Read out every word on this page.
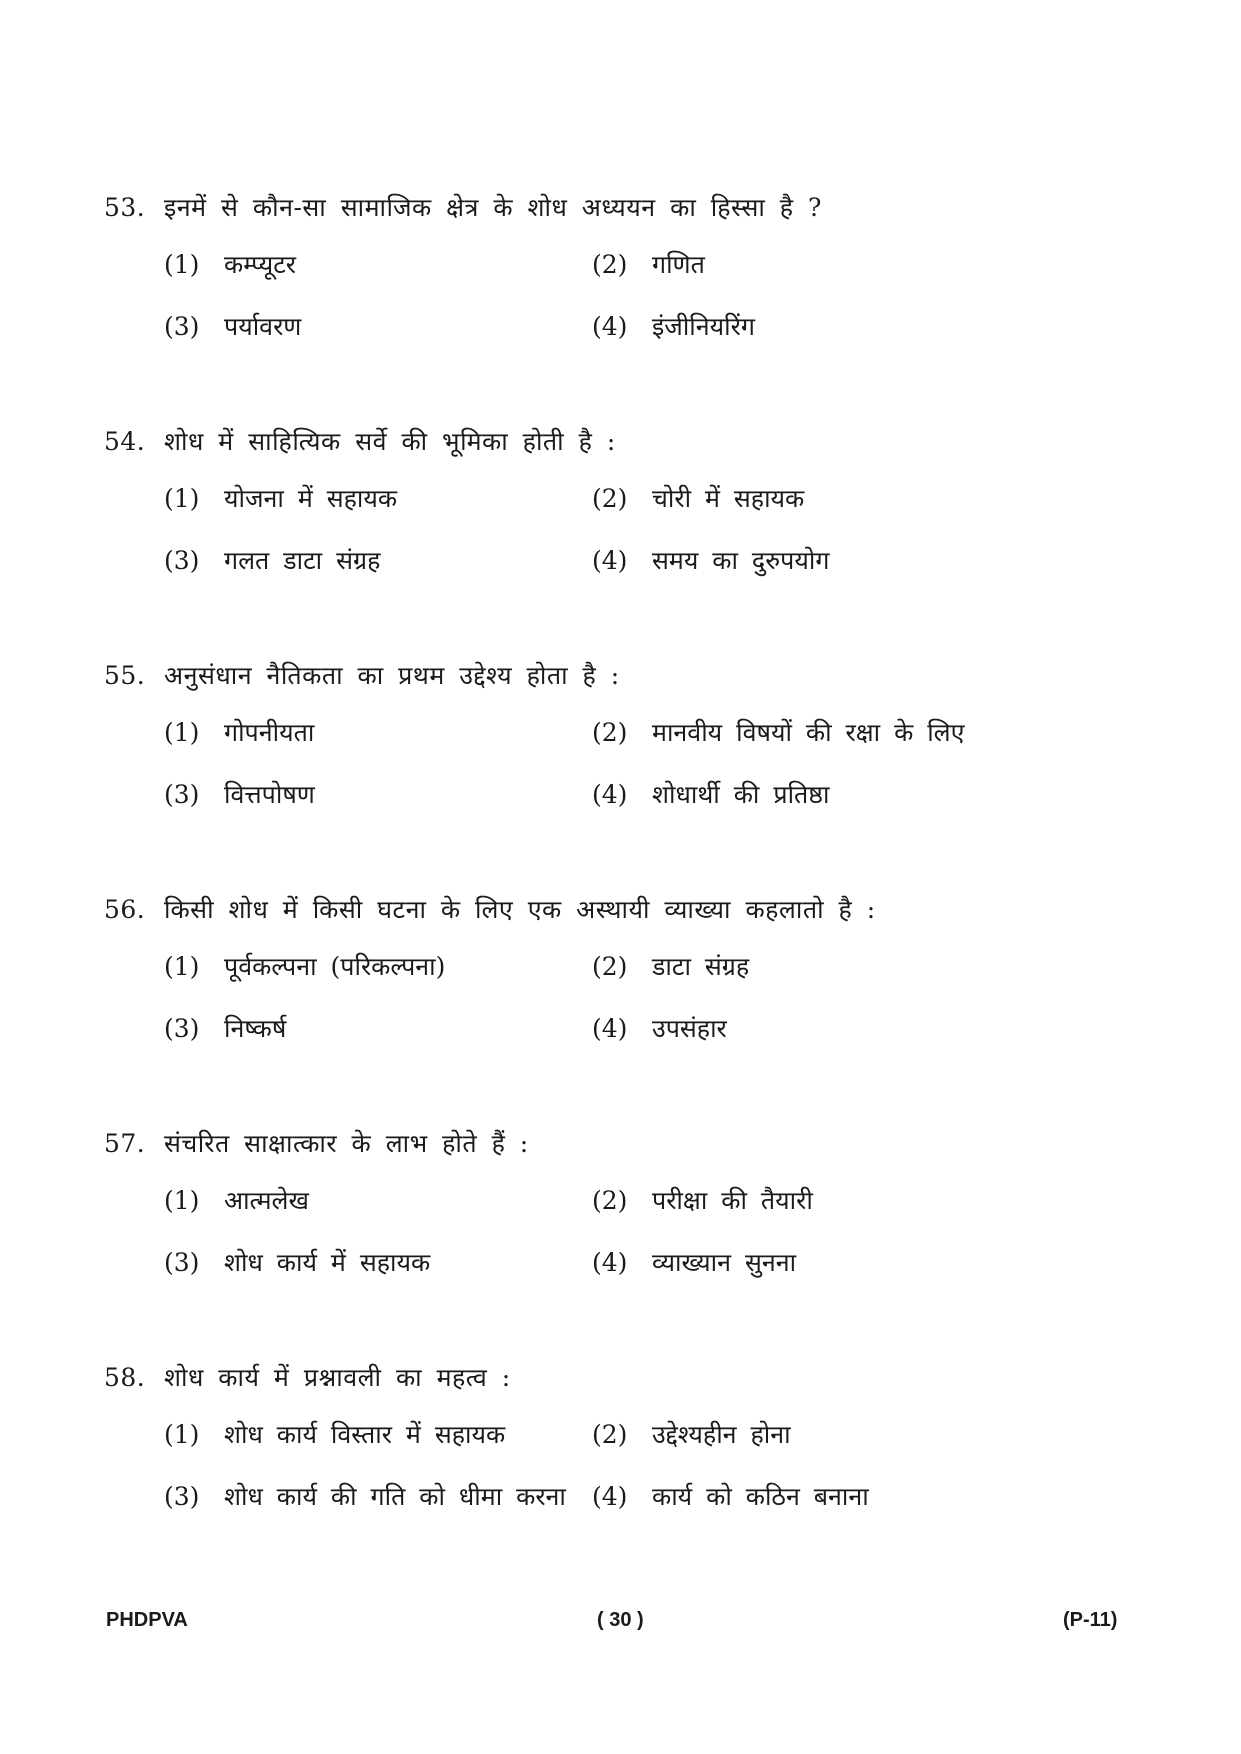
53. इनमें से कौन-सा सामाजिक क्षेत्र के शोध अध्ययन का हिस्सा है ?
(1) कम्प्यूटर	(2) गणित
(3) पर्यावरण	(4) इंजीनियरिंग
54. शोध में साहित्यिक सर्वे की भूमिका होती है :
(1) योजना में सहायक	(2) चोरी में सहायक
(3) गलत डाटा संग्रह	(4) समय का दुरुपयोग
55. अनुसंधान नैतिकता का प्रथम उद्देश्य होता है :
(1) गोपनीयता	(2) मानवीय विषयों की रक्षा के लिए
(3) वित्तपोषण	(4) शोधार्थी की प्रतिष्ठा
56. किसी शोध में किसी घटना के लिए एक अस्थायी व्याख्या कहलातो है :
(1) पूर्वकल्पना (परिकल्पना)	(2) डाटा संग्रह
(3) निष्कर्ष	(4) उपसंहार
57. संचरित साक्षात्कार के लाभ होते हैं :
(1) आत्मलेख	(2) परीक्षा की तैयारी
(3) शोध कार्य में सहायक	(4) व्याख्यान सुनना
58. शोध कार्य में प्रश्नावली का महत्व :
(1) शोध कार्य विस्तार में सहायक	(2) उद्देश्यहीन होना
(3) शोध कार्य की गति को धीमा करना (4) कार्य को कठिन बनाना
PHDPVA	( 30 )	(P-11)
